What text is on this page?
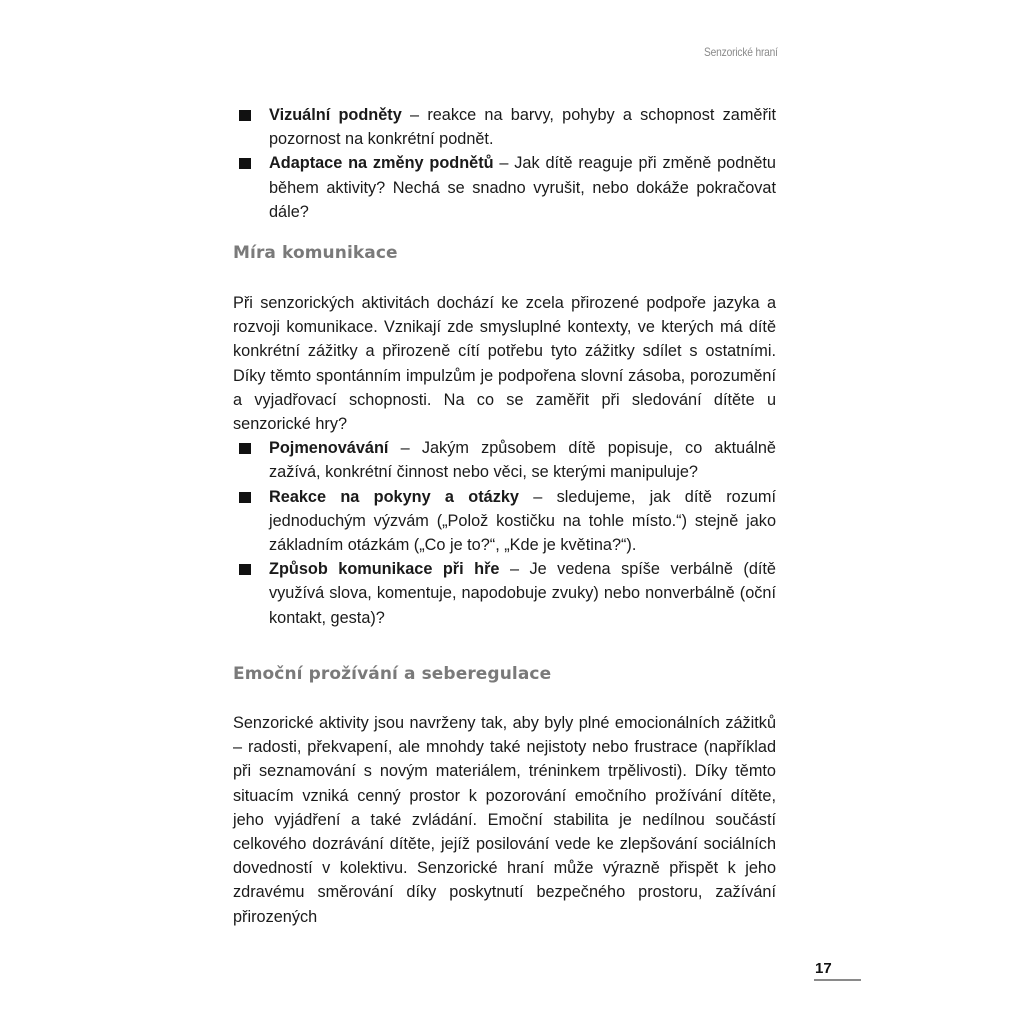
Senzorické hraní
Vizuální podněty – reakce na barvy, pohyby a schopnost zaměřit pozornost na konkrétní podnět.
Adaptace na změny podnětů – Jak dítě reaguje při změně podnětu během aktivity? Nechá se snadno vyrušit, nebo dokáže pokračovat dále?
Míra komunikace

Při senzorických aktivitách dochází ke zcela přirozené podpoře jazyka a rozvoji komunikace. Vznikají zde smysluplné kontexty, ve kterých má dítě konkrétní zážitky a přirozeně cítí potřebu tyto zážitky sdílet s ostatními. Díky těmto spontánním impulzům je podpořena slovní zásoba, porozumění a vyjadřovací schopnosti. Na co se zaměřit při sledování dítěte u senzorické hry?

Pojmenovávání – Jakým způsobem dítě popisuje, co aktuálně zažívá, konkrétní činnost nebo věci, se kterými manipuluje?
Reakce na pokyny a otázky – sledujeme, jak dítě rozumí jednoduchým výzvám („Polož kostičku na tohle místo.“) stejně jako základním otázkám („Co je to?“, „Kde je květina?“).
Způsob komunikace při hře – Je vedena spíše verbálně (dítě využívá slova, komentuje, napodobuje zvuky) nebo nonverbálně (oční kontakt, gesta)?
Emoční prožívání a seberegulace

Senzorické aktivity jsou navrženy tak, aby byly plné emocionálních zážitků – radosti, překvapení, ale mnohdy také nejistoty nebo frustrace (například při seznamování s novým materiálem, tréninkem trpělivosti). Díky těmto situacím vzniká cenný prostor k pozorování emočního prožívání dítěte, jeho vyjádření a také zvládání. Emoční stabilita je nedílnou součástí celkového dozrávání dítěte, jejíž posilování vede ke zlepšování sociálních dovedností v kolektivu. Senzorické hraní může výrazně přispět k jeho zdravému směrování díky poskytnutí bezpečného prostoru, zažívání přirozených

17
